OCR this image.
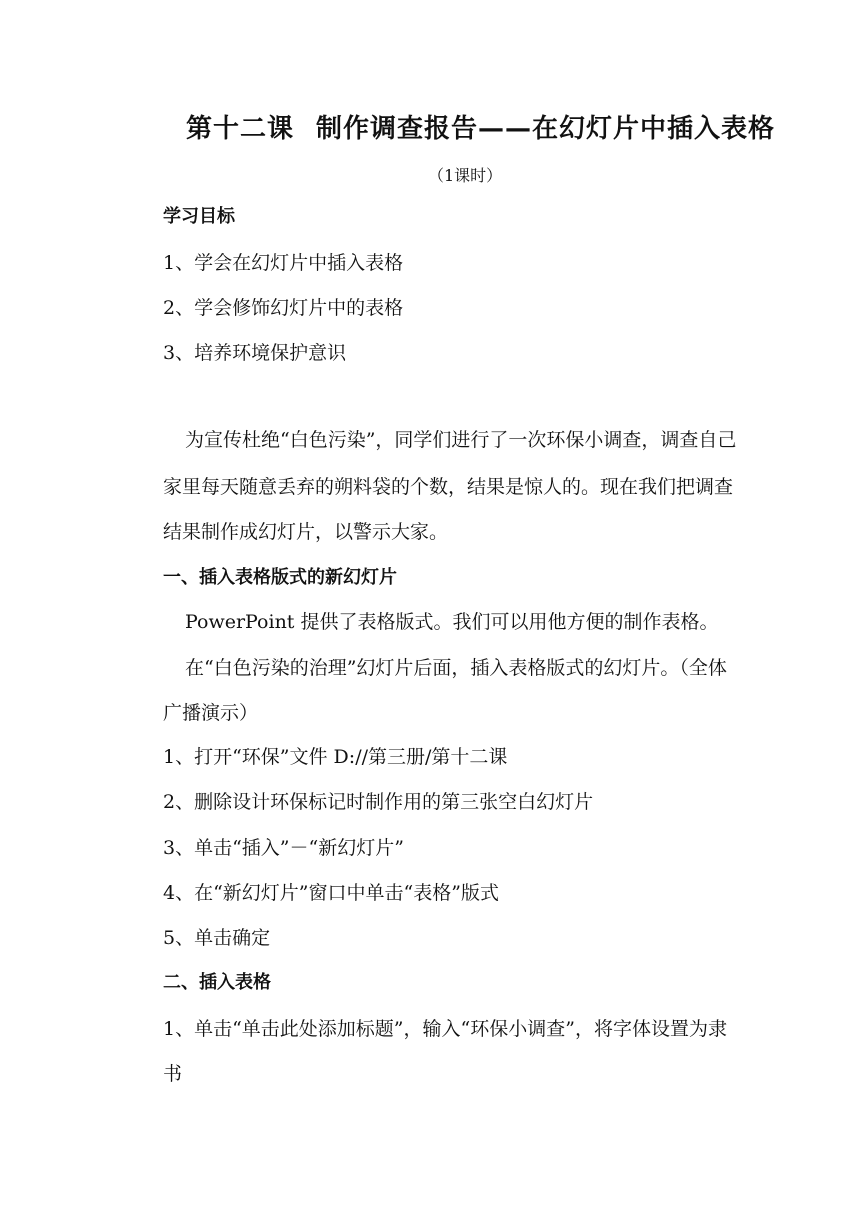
第十二课 制作调查报告——在幻灯片中插入表格
（1课时）
学习目标
1、学会在幻灯片中插入表格
2、学会修饰幻灯片中的表格
3、培养环境保护意识
为宣传杜绝“白色污染”，同学们进行了一次环保小调查，调查自己
家里每天随意丢弃的朔料袋的个数，结果是惊人的。现在我们把调查
结果制作成幻灯片，以警示大家。
一、插入表格版式的新幻灯片
PowerPoint 提供了表格版式。我们可以用他方便的制作表格。
在“白色污染的治理”幻灯片后面，插入表格版式的幻灯片。（全体
广播演示）
1、打开“环保”文件 D://第三册/第十二课
2、删除设计环保标记时制作用的第三张空白幻灯片
3、单击“插入”－“新幻灯片”
4、在“新幻灯片”窗口中单击“表格”版式
5、单击确定
二、插入表格
1、单击“单击此处添加标题”，输入“环保小调查”，将字体设置为隶
书
